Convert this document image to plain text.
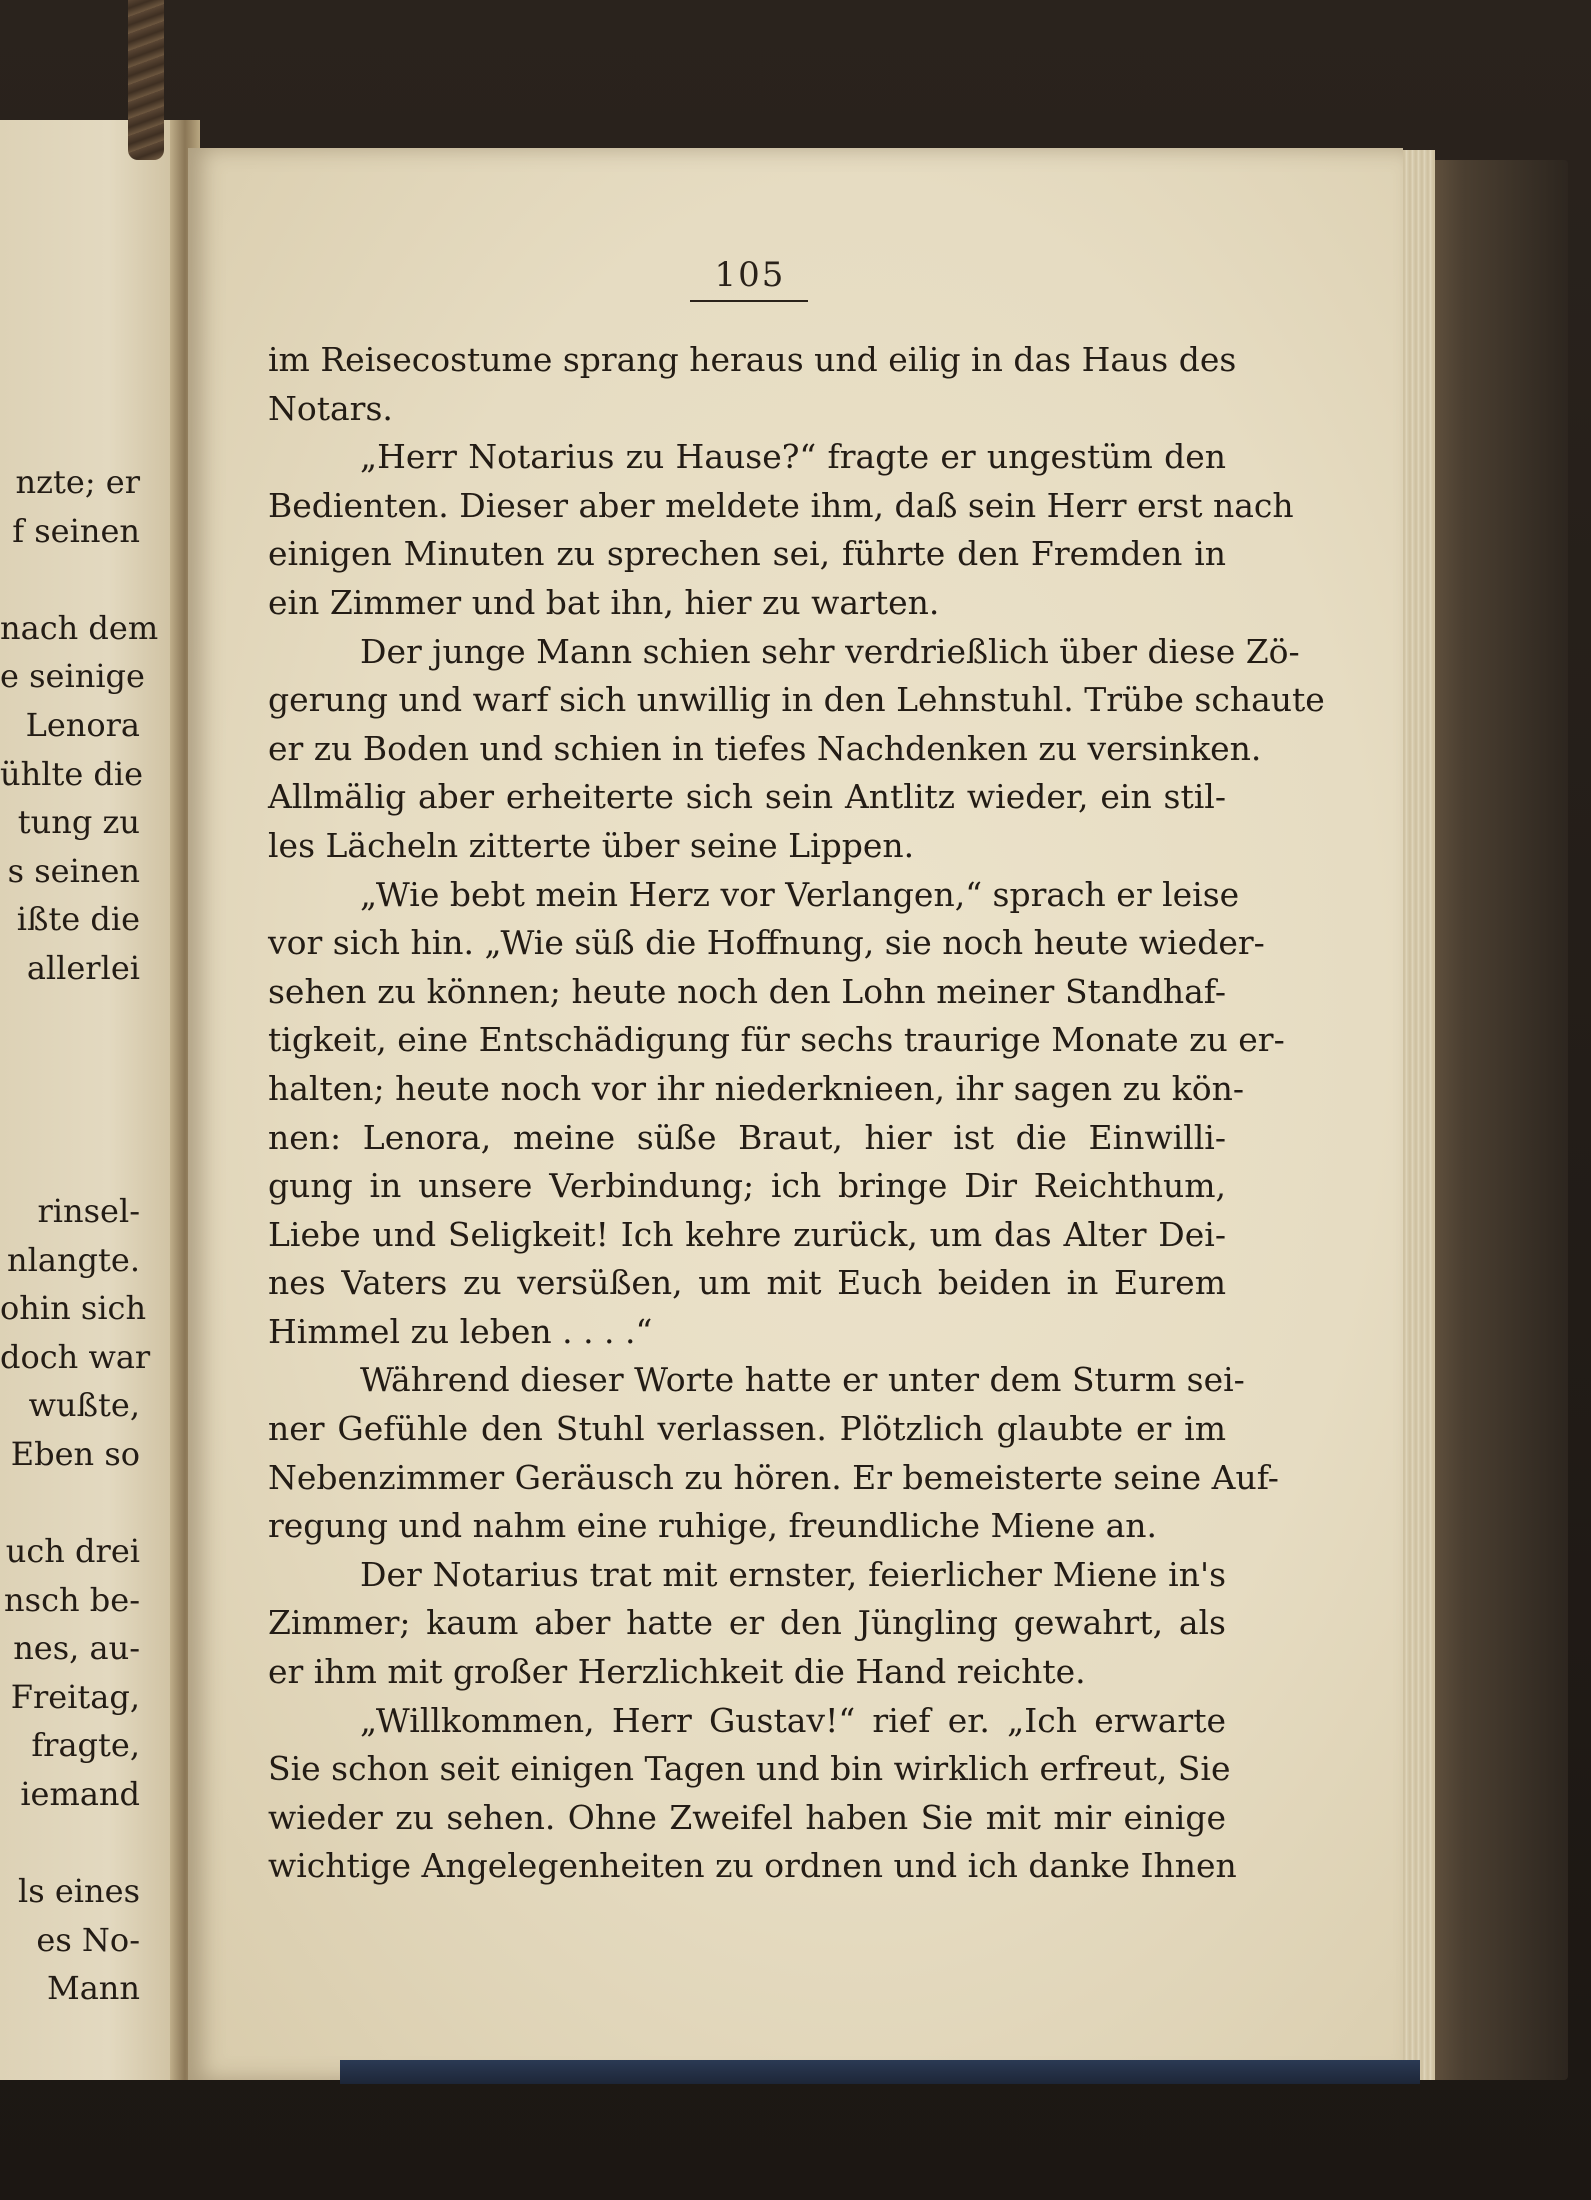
nzte; er
f seinen
nach dem
e seinige
Lenora
ühlte die
tung zu
s seinen
ißte die
allerlei
rinsel-
nlangte.
ohin sich
doch war
wußte,
Eben so
uch drei
nsch be-
nes, au-
Freitag,
fragte,
iemand
ls eines
es No-
Mann
105
im Reisecostume sprang heraus und eilig in das Haus des
Notars.
„Herr Notarius zu Hause?“ fragte er ungestüm den
Bedienten. Dieser aber meldete ihm, daß sein Herr erst nach
einigen Minuten zu sprechen sei, führte den Fremden in
ein Zimmer und bat ihn, hier zu warten.
Der junge Mann schien sehr verdrießlich über diese Zö-
gerung und warf sich unwillig in den Lehnstuhl. Trübe schaute
er zu Boden und schien in tiefes Nachdenken zu versinken.
Allmälig aber erheiterte sich sein Antlitz wieder, ein stil-
les Lächeln zitterte über seine Lippen.
„Wie bebt mein Herz vor Verlangen,“ sprach er leise
vor sich hin. „Wie süß die Hoffnung, sie noch heute wieder-
sehen zu können; heute noch den Lohn meiner Standhaf-
tigkeit, eine Entschädigung für sechs traurige Monate zu er-
halten; heute noch vor ihr niederknieen, ihr sagen zu kön-
nen: Lenora, meine süße Braut, hier ist die Einwilli-
gung in unsere Verbindung; ich bringe Dir Reichthum,
Liebe und Seligkeit! Ich kehre zurück, um das Alter Dei-
nes Vaters zu versüßen, um mit Euch beiden in Eurem
Himmel zu leben . . . .“
Während dieser Worte hatte er unter dem Sturm sei-
ner Gefühle den Stuhl verlassen. Plötzlich glaubte er im
Nebenzimmer Geräusch zu hören. Er bemeisterte seine Auf-
regung und nahm eine ruhige, freundliche Miene an.
Der Notarius trat mit ernster, feierlicher Miene in's
Zimmer; kaum aber hatte er den Jüngling gewahrt, als
er ihm mit großer Herzlichkeit die Hand reichte.
„Willkommen, Herr Gustav!“ rief er. „Ich erwarte
Sie schon seit einigen Tagen und bin wirklich erfreut, Sie
wieder zu sehen. Ohne Zweifel haben Sie mit mir einige
wichtige Angelegenheiten zu ordnen und ich danke Ihnen
